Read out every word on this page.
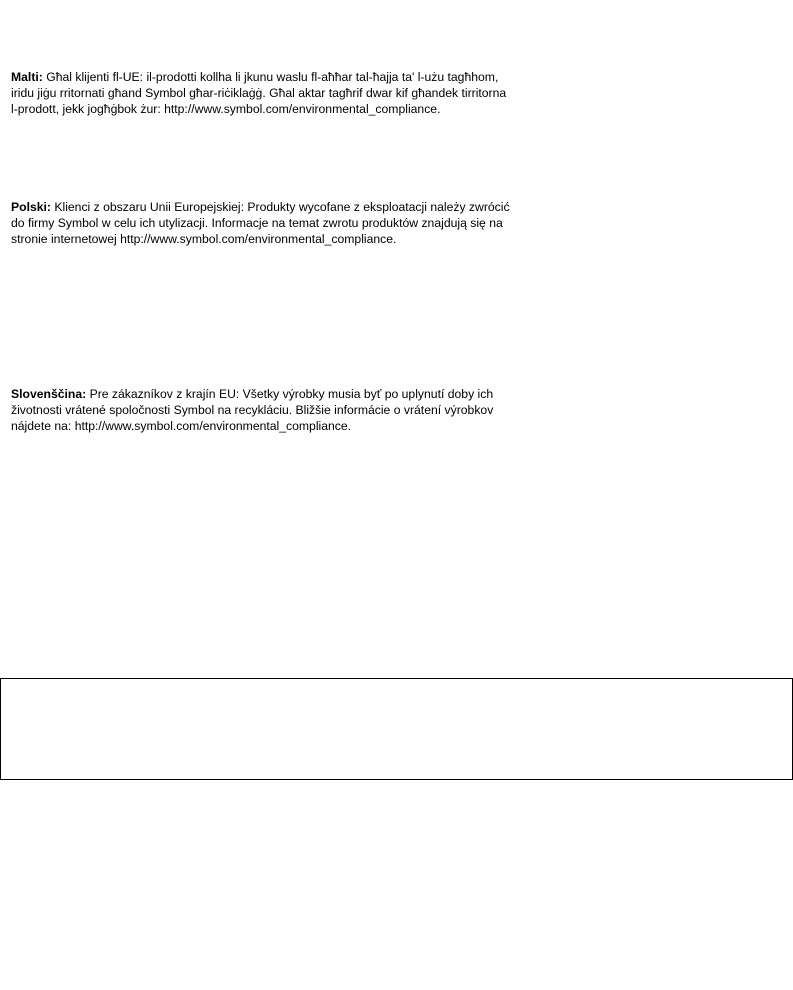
Malti: Għal klijenti fl-UE: il-prodotti kollha li jkunu waslu fl-aħħar tal-ħajja ta' l-użu tagħhom,
iridu jiġu rritornati għand Symbol għar-riċiklaġġ. Għal aktar tagħrif dwar kif għandek tirritorna
l-prodott, jekk jogħġbok żur: http://www.symbol.com/environmental_compliance.

Polski: Klienci z obszaru Unii Europejskiej: Produkty wycofane z eksploatacji należy zwrócić
do firmy Symbol w celu ich utylizacji. Informacje na temat zwrotu produktów znajdują się na
stronie internetowej http://www.symbol.com/environmental_compliance.

Slovenščina: Pre zákazníkov z krajín EU: Všetky výrobky musia byť po uplynutí doby ich
životnosti vrátené spoločnosti Symbol na recykláciu. Bližšie informácie o vrátení výrobkov
nájdete na: http://www.symbol.com/environmental_compliance.
